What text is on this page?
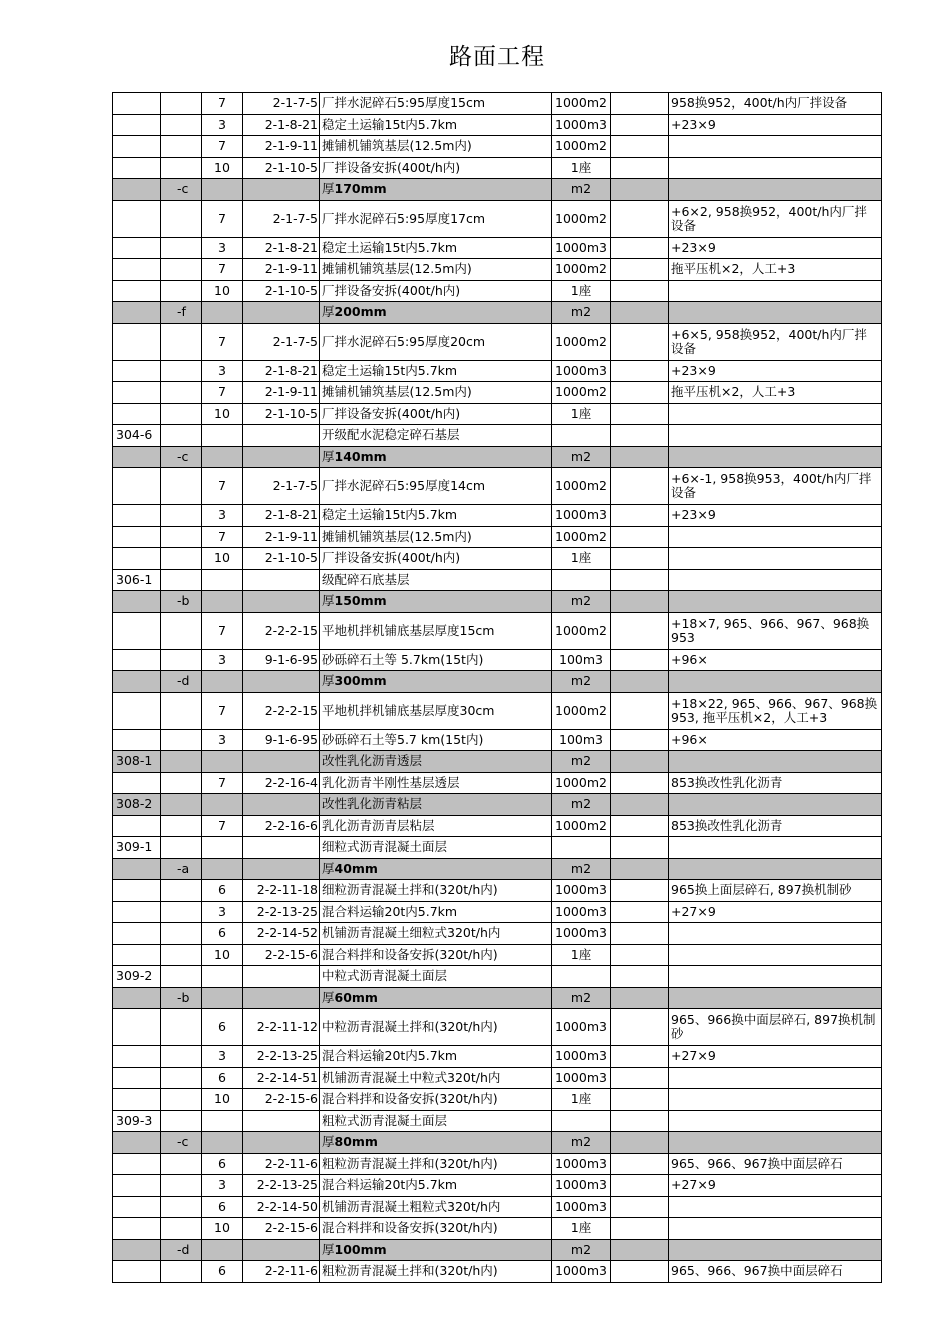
路面工程
		7	2-1-7-5	厂拌水泥碎石5:95厚度15cm	1000m2		958换952，400t/h内厂拌设备
		3	2-1-8-21	稳定土运输15t内5.7km	1000m3		+23×9
		7	2-1-9-11	摊铺机铺筑基层(12.5m内)	1000m2		
		10	2-1-10-5	厂拌设备安拆(400t/h内)	1座		
	-c			厚170mm	m2		
		7	2-1-7-5	厂拌水泥碎石5:95厚度17cm	1000m2		+6×2, 958换952，400t/h内厂拌设备
		3	2-1-8-21	稳定土运输15t内5.7km	1000m3		+23×9
		7	2-1-9-11	摊铺机铺筑基层(12.5m内)	1000m2		拖平压机×2，人工+3
		10	2-1-10-5	厂拌设备安拆(400t/h内)	1座		
	-f			厚200mm	m2		
		7	2-1-7-5	厂拌水泥碎石5:95厚度20cm	1000m2		+6×5, 958换952，400t/h内厂拌设备
		3	2-1-8-21	稳定土运输15t内5.7km	1000m3		+23×9
		7	2-1-9-11	摊铺机铺筑基层(12.5m内)	1000m2		拖平压机×2，人工+3
		10	2-1-10-5	厂拌设备安拆(400t/h内)	1座		
304-6				开级配水泥稳定碎石基层			
	-c			厚140mm	m2		
		7	2-1-7-5	厂拌水泥碎石5:95厚度14cm	1000m2		+6×-1, 958换953，400t/h内厂拌设备
		3	2-1-8-21	稳定土运输15t内5.7km	1000m3		+23×9
		7	2-1-9-11	摊铺机铺筑基层(12.5m内)	1000m2		
		10	2-1-10-5	厂拌设备安拆(400t/h内)	1座		
306-1				级配碎石底基层			
	-b			厚150mm	m2		
		7	2-2-2-15	平地机拌机铺底基层厚度15cm	1000m2		+18×7, 965、966、967、968换953
		3	9-1-6-95	砂砾碎石土等 5.7km(15t内)	100m3		+96×
	-d			厚300mm	m2		
		7	2-2-2-15	平地机拌机铺底基层厚度30cm	1000m2		+18×22, 965、966、967、968换953, 拖平压机×2，人工+3
		3	9-1-6-95	砂砾碎石土等5.7 km(15t内)	100m3		+96×
308-1				改性乳化沥青透层	m2		
		7	2-2-16-4	乳化沥青半刚性基层透层	1000m2		853换改性乳化沥青
308-2				改性乳化沥青粘层	m2		
		7	2-2-16-6	乳化沥青沥青层粘层	1000m2		853换改性乳化沥青
309-1				细粒式沥青混凝土面层			
	-a			厚40mm	m2		
		6	2-2-11-18	细粒沥青混凝土拌和(320t/h内)	1000m3		965换上面层碎石, 897换机制砂
		3	2-2-13-25	混合料运输20t内5.7km	1000m3		+27×9
		6	2-2-14-52	机铺沥青混凝土细粒式320t/h内	1000m3		
		10	2-2-15-6	混合料拌和设备安拆(320t/h内)	1座		
309-2				中粒式沥青混凝土面层			
	-b			厚60mm	m2		
		6	2-2-11-12	中粒沥青混凝土拌和(320t/h内)	1000m3		965、966换中面层碎石, 897换机制砂
		3	2-2-13-25	混合料运输20t内5.7km	1000m3		+27×9
		6	2-2-14-51	机铺沥青混凝土中粒式320t/h内	1000m3		
		10	2-2-15-6	混合料拌和设备安拆(320t/h内)	1座		
309-3				粗粒式沥青混凝土面层			
	-c			厚80mm	m2		
		6	2-2-11-6	粗粒沥青混凝土拌和(320t/h内)	1000m3		965、966、967换中面层碎石
		3	2-2-13-25	混合料运输20t内5.7km	1000m3		+27×9
		6	2-2-14-50	机铺沥青混凝土粗粒式320t/h内	1000m3		
		10	2-2-15-6	混合料拌和设备安拆(320t/h内)	1座		
	-d			厚100mm	m2		
		6	2-2-11-6	粗粒沥青混凝土拌和(320t/h内)	1000m3		965、966、967换中面层碎石
